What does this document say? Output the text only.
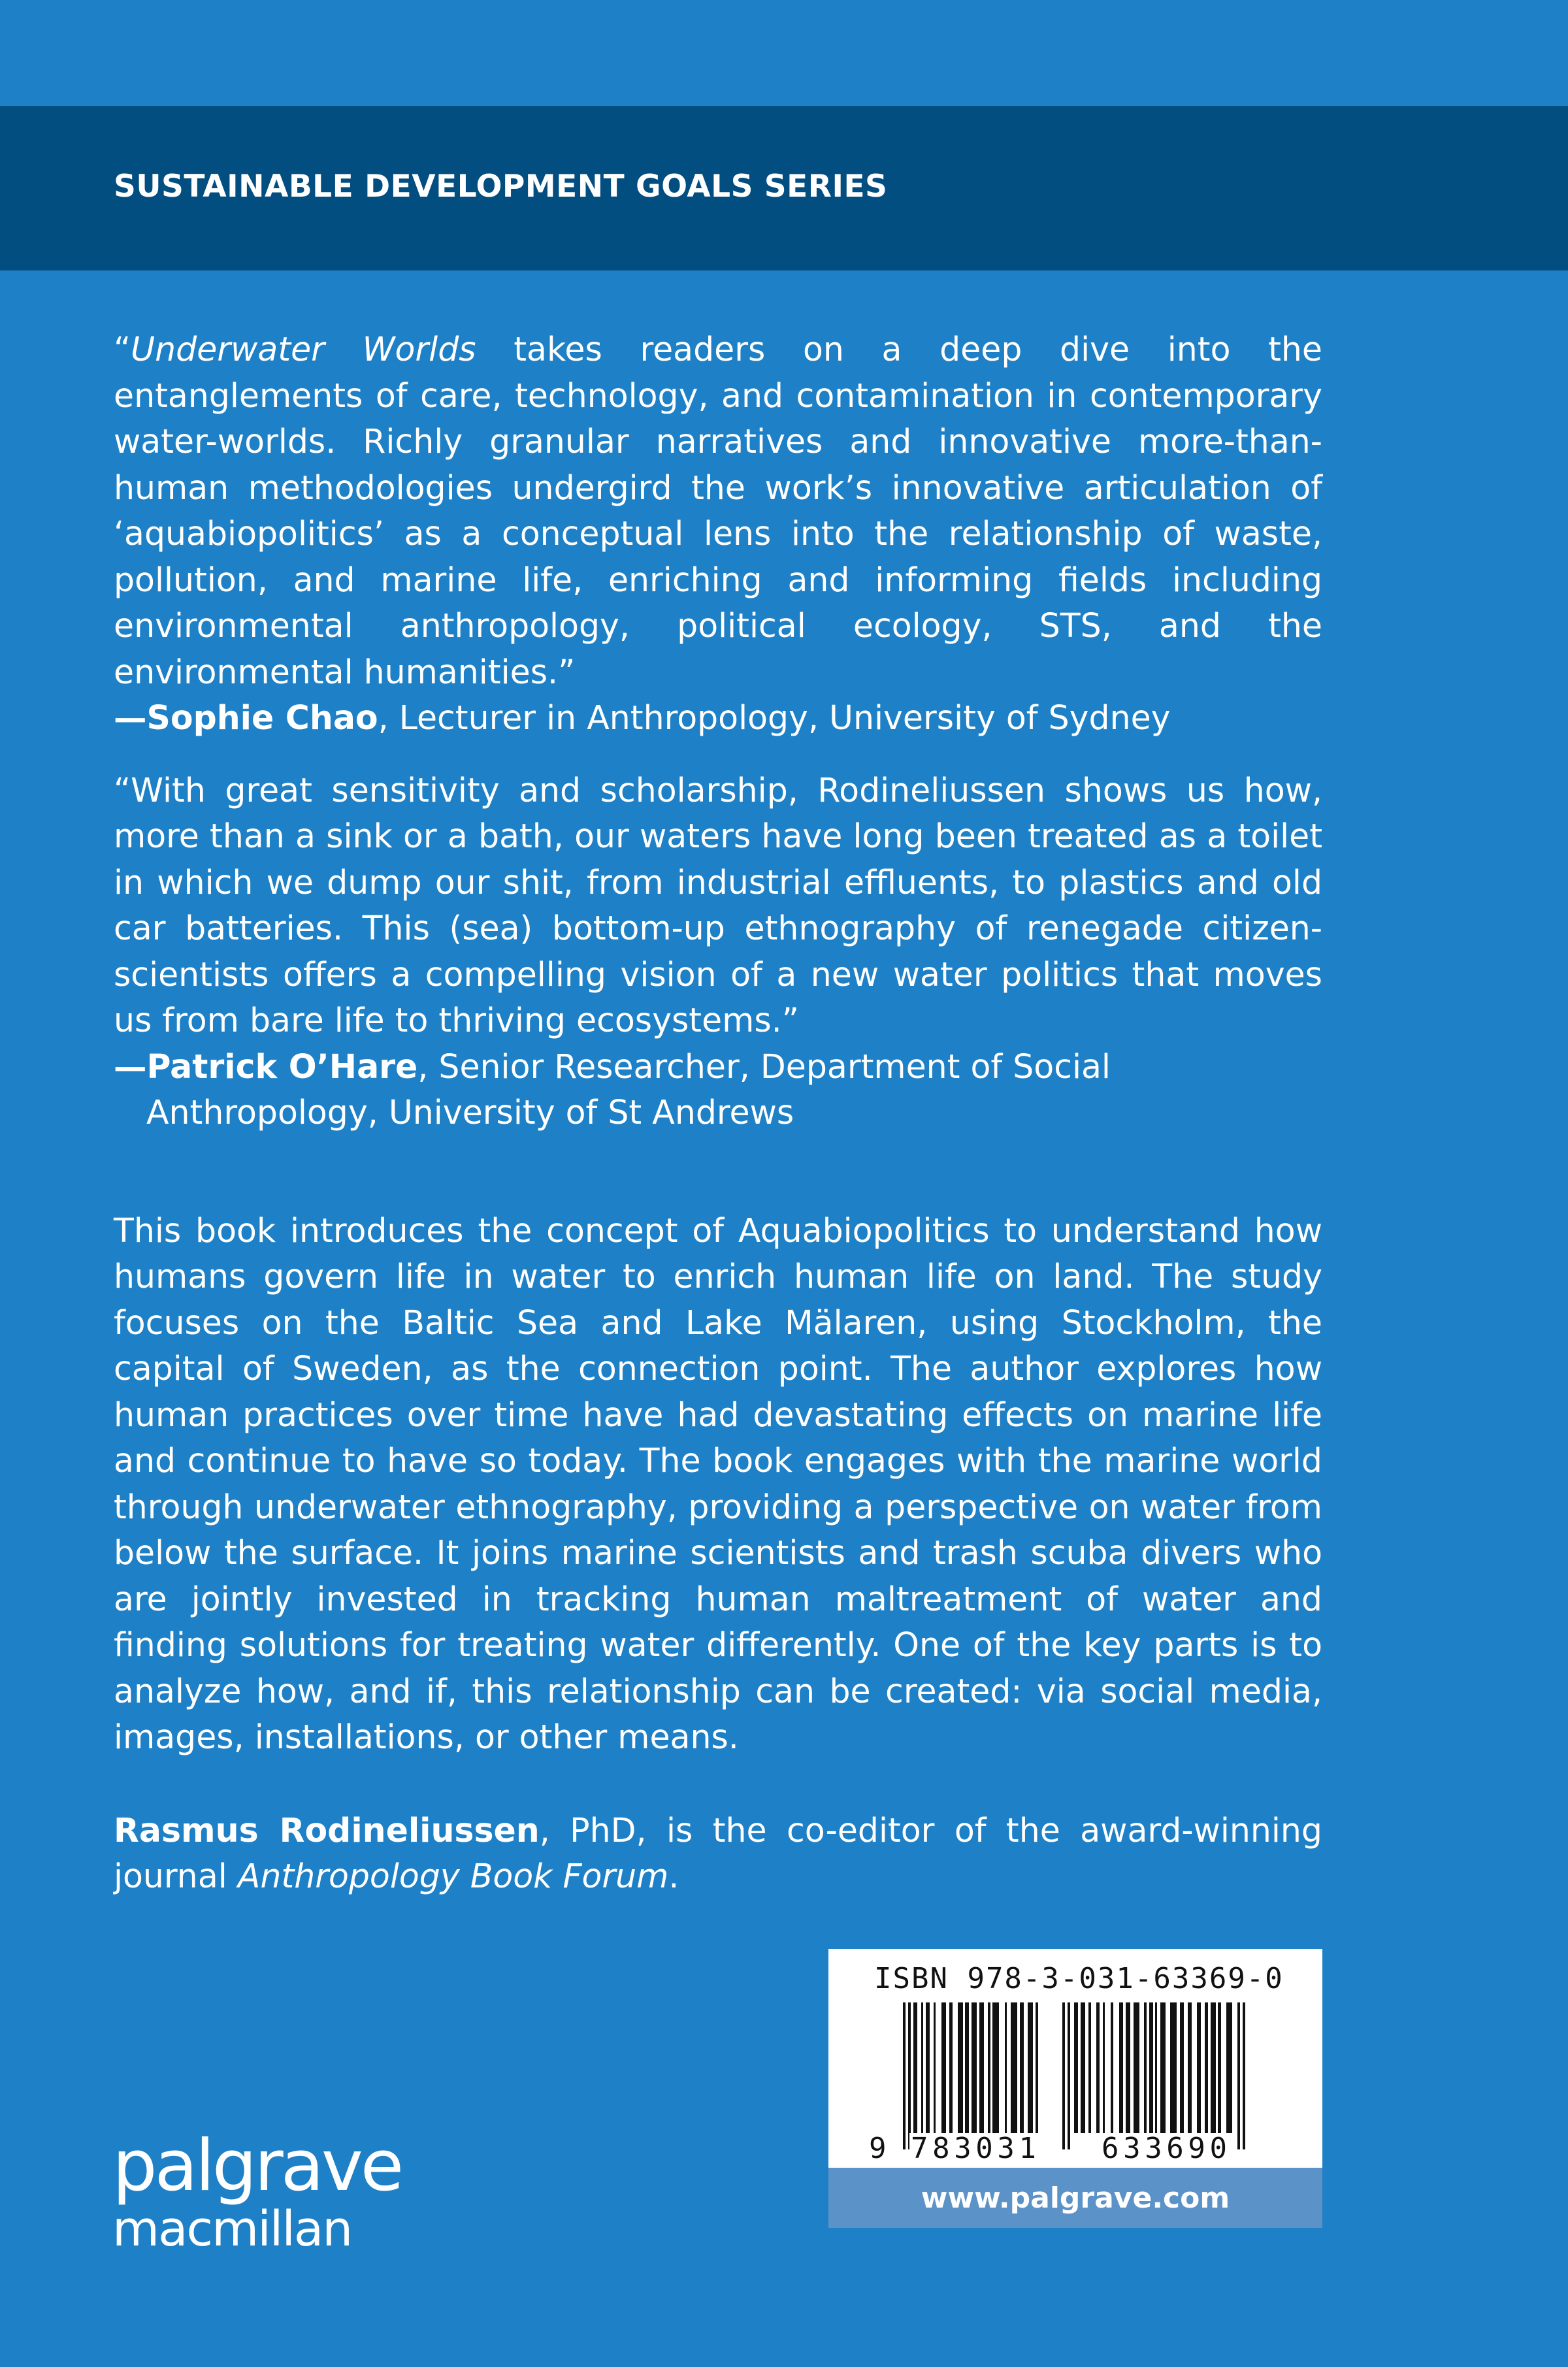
SUSTAINABLE DEVELOPMENT GOALS SERIES

“Underwater Worlds takes readers on a deep dive into the entanglements of care, technology, and contamination in contemporary water-worlds. Richly granular narratives and innovative more-than-human methodologies undergird the work’s innovative articulation of ‘aquabiopolitics’ as a conceptual lens into the relationship of waste, pollution, and marine life, enriching and informing fields including environmental anthropology, political ecology, STS, and the environmental humanities.”

—Sophie Chao, Lecturer in Anthropology, University of Sydney

“With great sensitivity and scholarship, Rodineliussen shows us how, more than a sink or a bath, our waters have long been treated as a toilet in which we dump our shit, from industrial effluents, to plastics and old car batteries. This (sea) bottom-up ethnography of renegade citizen-scientists offers a compelling vision of a new water politics that moves us from bare life to thriving ecosystems.”

—Patrick O’Hare, Senior Researcher, Department of Social Anthropology, University of St Andrews

This book introduces the concept of Aquabiopolitics to understand how humans govern life in water to enrich human life on land. The study focuses on the Baltic Sea and Lake Mälaren, using Stockholm, the capital of Sweden, as the connection point. The author explores how human practices over time have had devastating effects on marine life and continue to have so today. The book engages with the marine world through underwater ethnography, providing a perspective on water from below the surface. It joins marine scientists and trash scuba divers who are jointly invested in tracking human maltreatment of water and finding solutions for treating water differently. One of the key parts is to analyze how, and if, this relationship can be created: via social media, images, installations, or other means.

Rasmus Rodineliussen, PhD, is the co-editor of the award-winning journal Anthropology Book Forum.

ISBN 978-3-031-63369-0
9 783031 633690
www.palgrave.com
palgrave
macmillan
